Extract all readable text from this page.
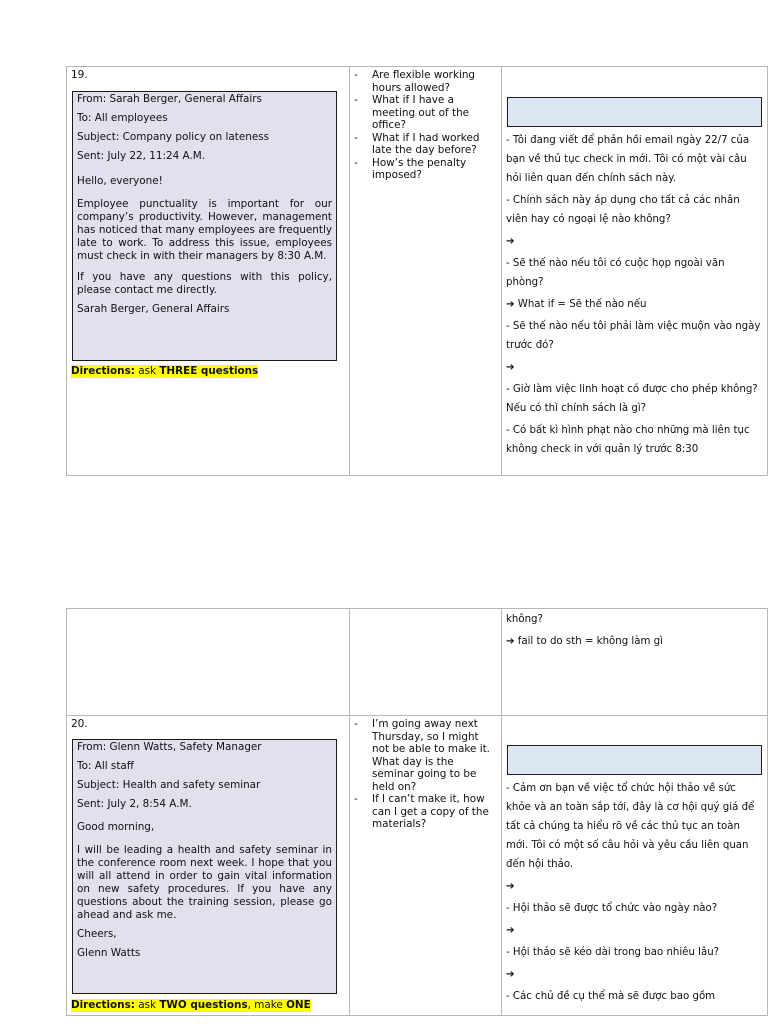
19.

From: Sarah Berger, General Affairs

To: All employees

Subject: Company policy on lateness

Sent: July 22, 11:24 A.M.

Hello, everyone!

Employee punctuality is important for our company’s productivity. However, management has noticed that many employees are frequently late to work. To address this issue, employees must check in with their managers by 8:30 A.M.

If you have any questions with this policy, please contact me directly.

Sarah Berger, General Affairs

Directions: ask THREE questions
- Are flexible working hours allowed?
- What if I have a meeting out of the office?
- What if I had worked late the day before?
- How’s the penalty imposed?

- Tôi đang viết để phản hồi email ngày 22/7 của bạn về thủ tục check in mới. Tôi có một vài câu hỏi liên quan đến chính sách này.

- Chính sách này áp dụng cho tất cả các nhân viên hay có ngoại lệ nào không?

➔

- Sẽ thế nào nếu tôi có cuộc họp ngoài văn phòng?

➔ What if = Sẽ thế nào nếu

- Sẽ thế nào nếu tôi phải làm việc muộn vào ngày trước đó?

➔

- Giờ làm việc linh hoạt có được cho phép không? Nếu có thì chính sách là gì?

- Có bất kì hình phạt nào cho những mà liên tục không check in với quản lý trước 8:30

không?

➔ fail to do sth = không làm gì

20.

From: Glenn Watts, Safety Manager

To: All staff

Subject: Health and safety seminar

Sent: July 2, 8:54 A.M.

Good morning,

I will be leading a health and safety seminar in the conference room next week. I hope that you will all attend in order to gain vital information on new safety procedures. If you have any questions about the training session, please go ahead and ask me.

Cheers,

Glenn Watts

Directions: ask TWO questions, make ONE
- I’m going away next Thursday, so I might not be able to make it. What day is the seminar going to be held on?
- If I can’t make it, how can I get a copy of the materials?

- Cảm ơn bạn về việc tổ chức hội thảo về sức khỏe và an toàn sắp tới, đây là cơ hội quý giá để tất cả chúng ta hiểu rõ về các thủ tục an toàn mới. Tôi có một số câu hỏi và yêu cầu liên quan đến hội thảo.

➔

- Hội thảo sẽ được tổ chức vào ngày nào?

➔

- Hội thảo sẽ kéo dài trong bao nhiêu lâu?

➔

- Các chủ đề cụ thể mà sẽ được bao gồm
